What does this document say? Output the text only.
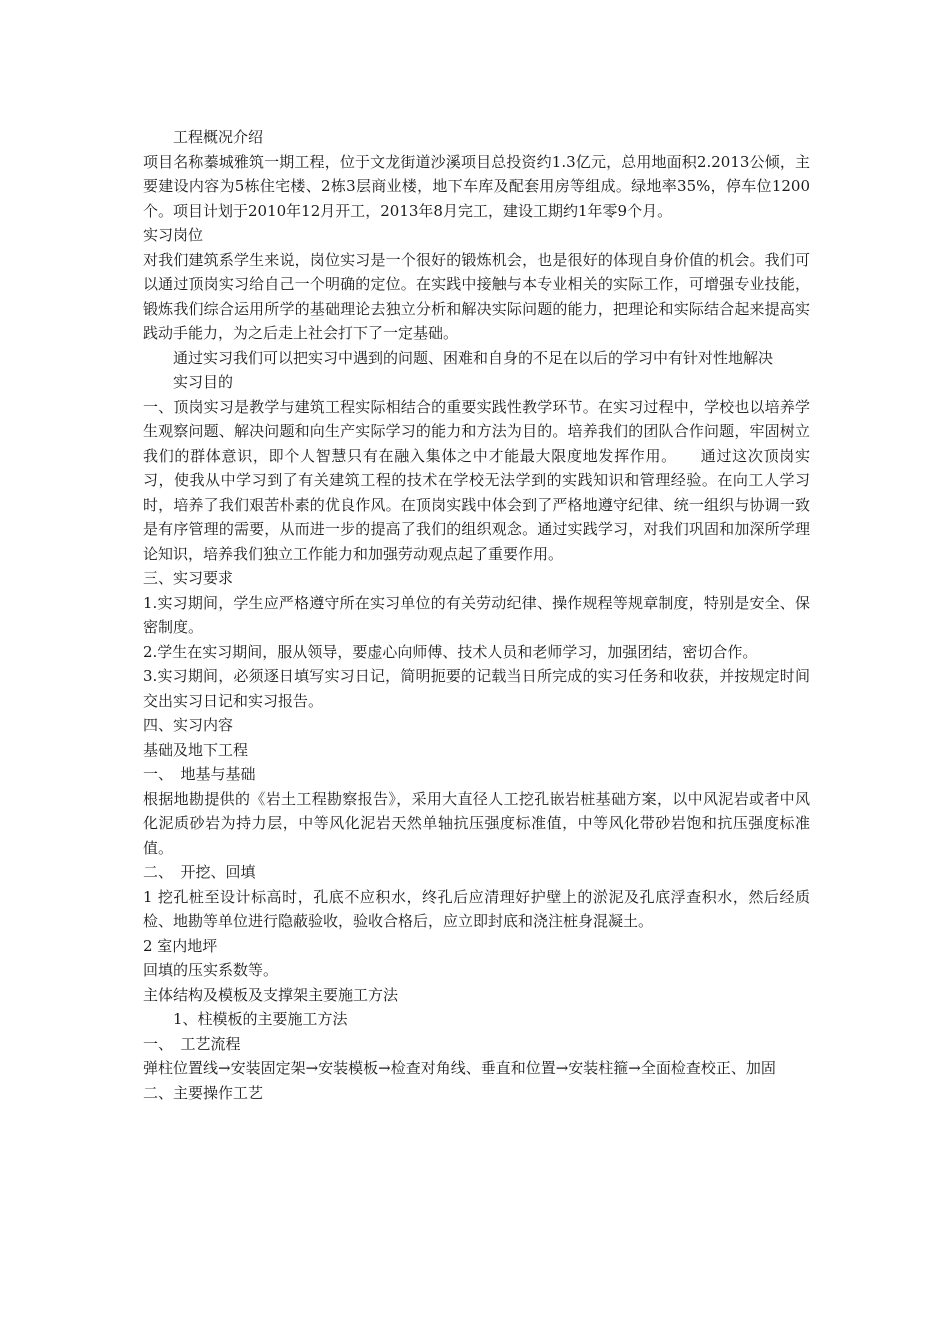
工程概况介绍

项目名称蓁城雅筑一期工程，位于文龙街道沙溪项目总投资约1.3亿元，总用地面积2.2013公倾，主要建设内容为5栋住宅楼、2栋3层商业楼，地下车库及配套用房等组成。绿地率35%，停车位1200个。项目计划于2010年12月开工，2013年8月完工，建设工期约1年零9个月。

实习岗位

对我们建筑系学生来说，岗位实习是一个很好的锻炼机会，也是很好的体现自身价值的机会。我们可以通过顶岗实习给自己一个明确的定位。在实践中接触与本专业相关的实际工作，可增强专业技能，锻炼我们综合运用所学的基础理论去独立分析和解决实际问题的能力，把理论和实际结合起来提高实践动手能力，为之后走上社会打下了一定基础。

通过实习我们可以把实习中遇到的问题、困难和自身的不足在以后的学习中有针对性地解决

实习目的

一、顶岗实习是教学与建筑工程实际相结合的重要实践性教学环节。在实习过程中，学校也以培养学生观察问题、解决问题和向生产实际学习的能力和方法为目的。培养我们的团队合作问题，牢固树立我们的群体意识，即个人智慧只有在融入集体之中才能最大限度地发挥作用。　　通过这次顶岗实习，使我从中学习到了有关建筑工程的技术在学校无法学到的实践知识和管理经验。在向工人学习时，培养了我们艰苦朴素的优良作风。在顶岗实践中体会到了严格地遵守纪律、统一组织与协调一致是有序管理的需要，从而进一步的提高了我们的组织观念。通过实践学习，对我们巩固和加深所学理论知识，培养我们独立工作能力和加强劳动观点起了重要作用。

三、实习要求

1.实习期间，学生应严格遵守所在实习单位的有关劳动纪律、操作规程等规章制度，特别是安全、保密制度。

2.学生在实习期间，服从领导，要虚心向师傅、技术人员和老师学习，加强团结，密切合作。

3.实习期间，必须逐日填写实习日记，简明扼要的记载当日所完成的实习任务和收获，并按规定时间交出实习日记和实习报告。

四、实习内容

基础及地下工程

一、　地基与基础

根据地勘提供的《岩土工程勘察报告》，采用大直径人工挖孔嵌岩桩基础方案，以中风泥岩或者中风化泥质砂岩为持力层，中等风化泥岩天然单轴抗压强度标准值，中等风化带砂岩饱和抗压强度标准值。

二、　开挖、回填

1 挖孔桩至设计标高时，孔底不应积水，终孔后应清理好护壁上的淤泥及孔底浮查积水，然后经质检、地勘等单位进行隐蔽验收，验收合格后，应立即封底和浇注桩身混凝土。

2 室内地坪

回填的压实系数等。

主体结构及模板及支撑架主要施工方法

1、柱模板的主要施工方法

一、　工艺流程

弹柱位置线→安装固定架→安装模板→检查对角线、垂直和位置→安装柱箍→全面检查校正、加固

二、主要操作工艺
